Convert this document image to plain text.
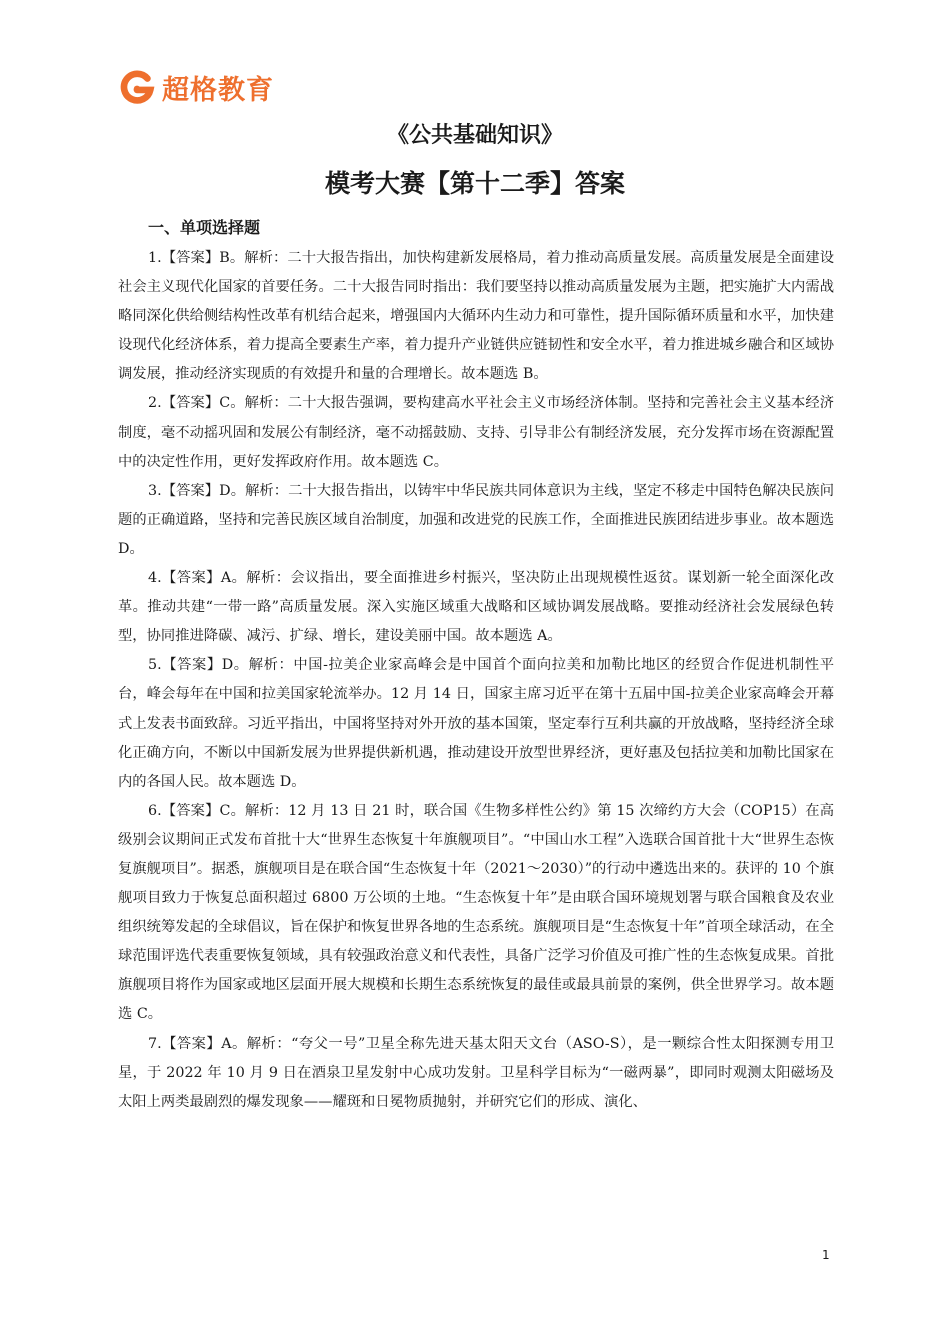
超格教育
《公共基础知识》
模考大赛【第十二季】答案
一、单项选择题

1.【答案】B。解析：二十大报告指出，加快构建新发展格局，着力推动高质量发展。高质量发展是全面建设社会主义现代化国家的首要任务。二十大报告同时指出：我们要坚持以推动高质量发展为主题，把实施扩大内需战略同深化供给侧结构性改革有机结合起来，增强国内大循环内生动力和可靠性，提升国际循环质量和水平，加快建设现代化经济体系，着力提高全要素生产率，着力提升产业链供应链韧性和安全水平，着力推进城乡融合和区域协调发展，推动经济实现质的有效提升和量的合理增长。故本题选 B。

2.【答案】C。解析：二十大报告强调，要构建高水平社会主义市场经济体制。坚持和完善社会主义基本经济制度，毫不动摇巩固和发展公有制经济，毫不动摇鼓励、支持、引导非公有制经济发展，充分发挥市场在资源配置中的决定性作用，更好发挥政府作用。故本题选 C。

3.【答案】D。解析：二十大报告指出，以铸牢中华民族共同体意识为主线，坚定不移走中国特色解决民族问题的正确道路，坚持和完善民族区域自治制度，加强和改进党的民族工作，全面推进民族团结进步事业。故本题选 D。

4.【答案】A。解析：会议指出，要全面推进乡村振兴，坚决防止出现规模性返贫。谋划新一轮全面深化改革。推动共建“一带一路”高质量发展。深入实施区域重大战略和区域协调发展战略。要推动经济社会发展绿色转型，协同推进降碳、减污、扩绿、增长，建设美丽中国。故本题选 A。

5.【答案】D。解析：中国-拉美企业家高峰会是中国首个面向拉美和加勒比地区的经贸合作促进机制性平台，峰会每年在中国和拉美国家轮流举办。12 月 14 日，国家主席习近平在第十五届中国-拉美企业家高峰会开幕式上发表书面致辞。习近平指出，中国将坚持对外开放的基本国策，坚定奉行互利共赢的开放战略，坚持经济全球化正确方向，不断以中国新发展为世界提供新机遇，推动建设开放型世界经济，更好惠及包括拉美和加勒比国家在内的各国人民。故本题选 D。

6.【答案】C。解析：12 月 13 日 21 时，联合国《生物多样性公约》第 15 次缔约方大会（COP15）在高级别会议期间正式发布首批十大“世界生态恢复十年旗舰项目”。“中国山水工程”入选联合国首批十大“世界生态恢复旗舰项目”。据悉，旗舰项目是在联合国“生态恢复十年（2021～2030）”的行动中遴选出来的。获评的 10 个旗舰项目致力于恢复总面积超过 6800 万公顷的土地。“生态恢复十年”是由联合国环境规划署与联合国粮食及农业组织统筹发起的全球倡议，旨在保护和恢复世界各地的生态系统。旗舰项目是“生态恢复十年”首项全球活动，在全球范围评选代表重要恢复领域，具有较强政治意义和代表性，具备广泛学习价值及可推广性的生态恢复成果。首批旗舰项目将作为国家或地区层面开展大规模和长期生态系统恢复的最佳或最具前景的案例，供全世界学习。故本题选 C。

7.【答案】A。解析：“夸父一号”卫星全称先进天基太阳天文台（ASO-S），是一颗综合性太阳探测专用卫星，于 2022 年 10 月 9 日在酒泉卫星发射中心成功发射。卫星科学目标为“一磁两暴”，即同时观测太阳磁场及太阳上两类最剧烈的爆发现象——耀斑和日冕物质抛射，并研究它们的形成、演化、

1
